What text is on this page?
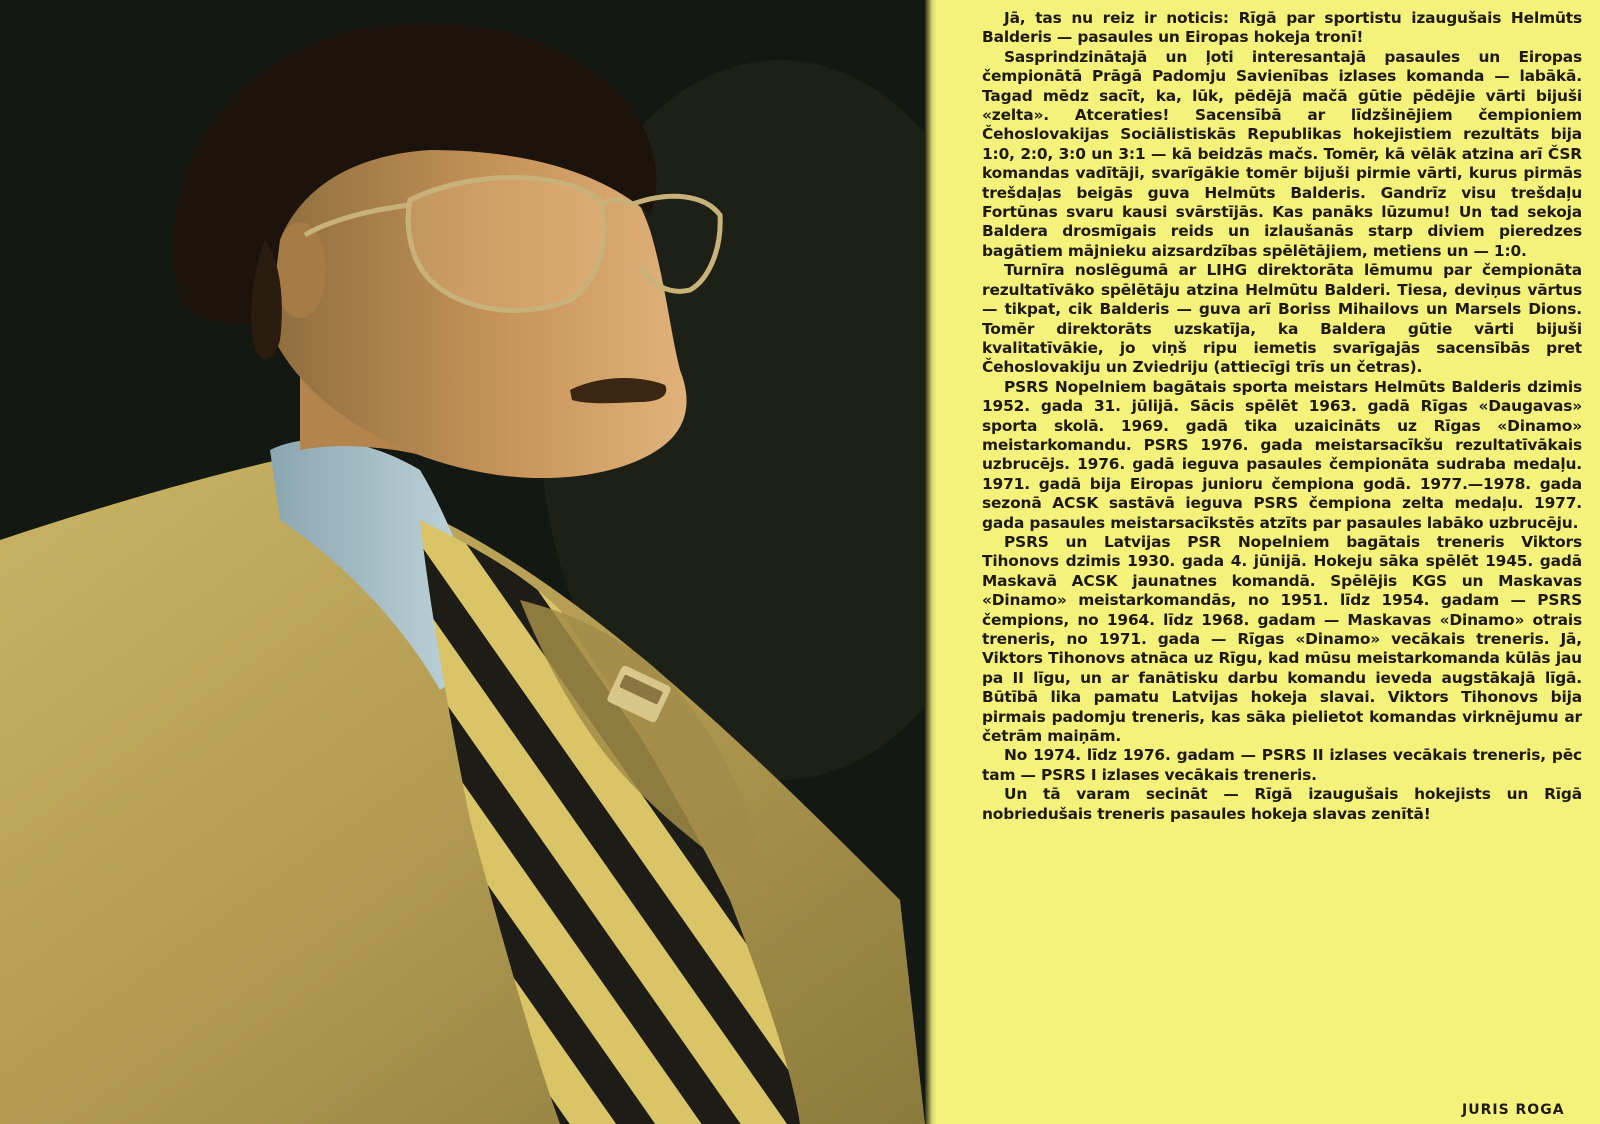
Jā, tas nu reiz ir noticis: Rīgā par sportistu izaugušais Helmūts Balderis — pasaules un Eiropas hokeja tronī!

Sasprindzinātajā un ļoti interesantajā pasaules un Eiropas čempionātā Prāgā Padomju Savienības izlases komanda — labākā. Tagad mēdz sacīt, ka, lūk, pēdējā mačā gūtie pēdējie vārti bijuši «zelta». Atceraties! Sacensībā ar līdzšinējiem čempioniem Čehoslovakijas Sociālistiskās Republikas hokejistiem rezultāts bija 1:0, 2:0, 3:0 un 3:1 — kā beidzās mačs. Tomēr, kā vēlāk atzina arī ČSR komandas vadītāji, svarīgākie tomēr bijuši pirmie vārti, kurus pirmās trešdaļas beigās guva Helmūts Balderis. Gandrīz visu trešdaļu Fortūnas svaru kausi svārstījās. Kas panāks lūzumu! Un tad sekoja Baldera drosmīgais reids un izlaušanās starp diviem pieredzes bagātiem mājnieku aizsardzības spēlētājiem, metiens un — 1:0.

Turnīra noslēgumā ar LIHG direktorāta lēmumu par čempionāta rezultatīvāko spēlētāju atzina Helmūtu Balderi. Tiesa, deviņus vārtus — tikpat, cik Balderis — guva arī Boriss Mihailovs un Marsels Dions. Tomēr direktorāts uzskatīja, ka Baldera gūtie vārti bijuši kvalitatīvākie, jo viņš ripu iemetis svarīgajās sacensībās pret Čehoslovakiju un Zviedriju (attiecīgi trīs un četras).

PSRS Nopelniem bagātais sporta meistars Helmūts Balderis dzimis 1952. gada 31. jūlijā. Sācis spēlēt 1963. gadā Rīgas «Daugavas» sporta skolā. 1969. gadā tika uzaicināts uz Rīgas «Dinamo» meistarkomandu. PSRS 1976. gada meistarsacīkšu rezultatīvākais uzbrucējs. 1976. gadā ieguva pasaules čempionāta sudraba medaļu. 1971. gadā bija Eiropas junioru čempiona godā. 1977.—1978. gada sezonā ACSK sastāvā ieguva PSRS čempiona zelta medaļu. 1977. gada pasaules meistarsacīkstēs atzīts par pasaules labāko uzbrucēju.

PSRS un Latvijas PSR Nopelniem bagātais treneris Viktors Tihonovs dzimis 1930. gada 4. jūnijā. Hokeju sāka spēlēt 1945. gadā Maskavā ACSK jaunatnes komandā. Spēlējis KGS un Maskavas «Dinamo» meistarkomandās, no 1951. līdz 1954. gadam — PSRS čempions, no 1964. līdz 1968. gadam — Maskavas «Dinamo» otrais treneris, no 1971. gada — Rīgas «Dinamo» vecākais treneris. Jā, Viktors Tihonovs atnāca uz Rīgu, kad mūsu meistarkomanda kūlās jau pa II līgu, un ar fanātisku darbu komandu ieveda augstākajā līgā. Būtībā lika pamatu Latvijas hokeja slavai. Viktors Tihonovs bija pirmais padomju treneris, kas sāka pielietot komandas virknējumu ar četrām maiņām.

No 1974. līdz 1976. gadam — PSRS II izlases vecākais treneris, pēc tam — PSRS I izlases vecākais treneris.

Un tā varam secināt — Rīgā izaugušais hokejists un Rīgā nobriedušais treneris pasaules hokeja slavas zenītā!

JURIS ROGA
